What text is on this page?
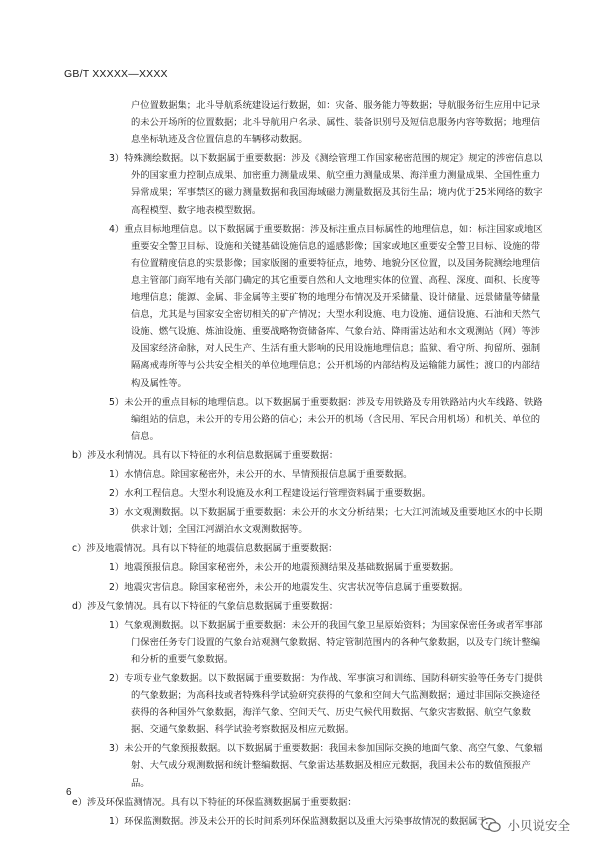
GB/T XXXXX—XXXX

户位置数据集；北斗导航系统建设运行数据，如：灾备、服务能力等数据；导航服务衍生应用中记录的未公开场所的位置数据；北斗导航用户名录、属性、装备识别号及短信息服务内容等数据；地理信息坐标轨迹及含位置信息的车辆移动数据。

3）特殊测绘数据。以下数据属于重要数据：涉及《测绘管理工作国家秘密范围的规定》规定的涉密信息以外的国家重力控制点成果、加密重力测量成果、航空重力测量成果、海洋重力测量成果、全国性重力异常成果；军事禁区的磁力测量数据和我国海域磁力测量数据及其衍生品；境内优于25米网络的数字高程模型、数字地表模型数据。

4）重点目标地理信息。以下数据属于重要数据：涉及标注重点目标属性的地理信息，如：标注国家或地区重要安全警卫目标、设施和关键基础设施信息的遥感影像；国家或地区重要安全警卫目标、设施的带有位置精度信息的实景影像；国家版图的重要特征点，地势、地貌分区位置，以及国务院测绘地理信息主管部门商军地有关部门确定的其它重要自然和人文地理实体的位置、高程、深度、面积、长度等地理信息；能源、金属、非金属等主要矿物的地理分布情况及开采储量、设计储量、远景储量等储量信息，尤其是与国家安全密切相关的矿产情况；大型水利设施、电力设施、通信设施、石油和天然气设施、燃气设施、炼油设施、重要战略物资储备库、气象台站、降雨雷达站和水文观测站（网）等涉及国家经济命脉，对人民生产、生活有重大影响的民用设施地理信息；监狱、看守所、拘留所、强制隔离戒毒所等与公共安全相关的单位地理信息；公开机场的内部结构及运输能力属性；渡口的内部结构及属性等。

5）未公开的重点目标的地理信息。以下数据属于重要数据：涉及专用铁路及专用铁路站内火车线路、铁路编组站的信息，未公开的专用公路的信心；未公开的机场（含民用、军民合用机场）和机关、单位的信息。

b）涉及水利情况。具有以下特征的水利信息数据属于重要数据：

1）水情信息。除国家秘密外，未公开的水、旱情预报信息属于重要数据。

2）水利工程信息。大型水利设施及水利工程建设运行管理资料属于重要数据。

3）水文观测数据。以下数据属于重要数据：未公开的水文分析结果；七大江河流域及重要地区水的中长期供求计划；全国江河湖泊水文观测数据等。

c）涉及地震情况。具有以下特征的地震信息数据属于重要数据：

1）地震预报信息。除国家秘密外，未公开的地震预测结果及基础数据属于重要数据。

2）地震灾害信息。除国家秘密外，未公开的地震发生、灾害状况等信息属于重要数据。

d）涉及气象情况。具有以下特征的气象信息数据属于重要数据：

1）气象观测数据。以下数据属于重要数据：未公开的我国气象卫星原始资料；为国家保密任务或者军事部门保密任务专门设置的气象台站观测气象数据、特定管制范围内的各种气象数据，以及专门统计整编和分析的重要气象数据。

2）专项专业气象数据。以下数据属于重要数据：为作战、军事演习和训练、国防科研实验等任务专门提供的气象数据；为高科技或者特殊科学试验研究获得的气象和空间大气监测数据；通过非国际交换途径获得的各种国外气象数据，海洋气象、空间天气、历史气候代用数据、气象灾害数据、航空气象数据、交通气象数据、科学试验考察数据及相应元数据。

3）未公开的气象预报数据。以下数据属于重要数据：我国未参加国际交换的地面气象、高空气象、气象辐射、大气成分观测数据和统计整编数据、气象雷达基数据及相应元数据，我国未公布的数值预报产品。

e）涉及环保监测情况。具有以下特征的环保监测数据属于重要数据：

1）环保监测数据。涉及未公开的长时间系列环保监测数据以及重大污染事故情况的数据属于

6
小贝说安全
